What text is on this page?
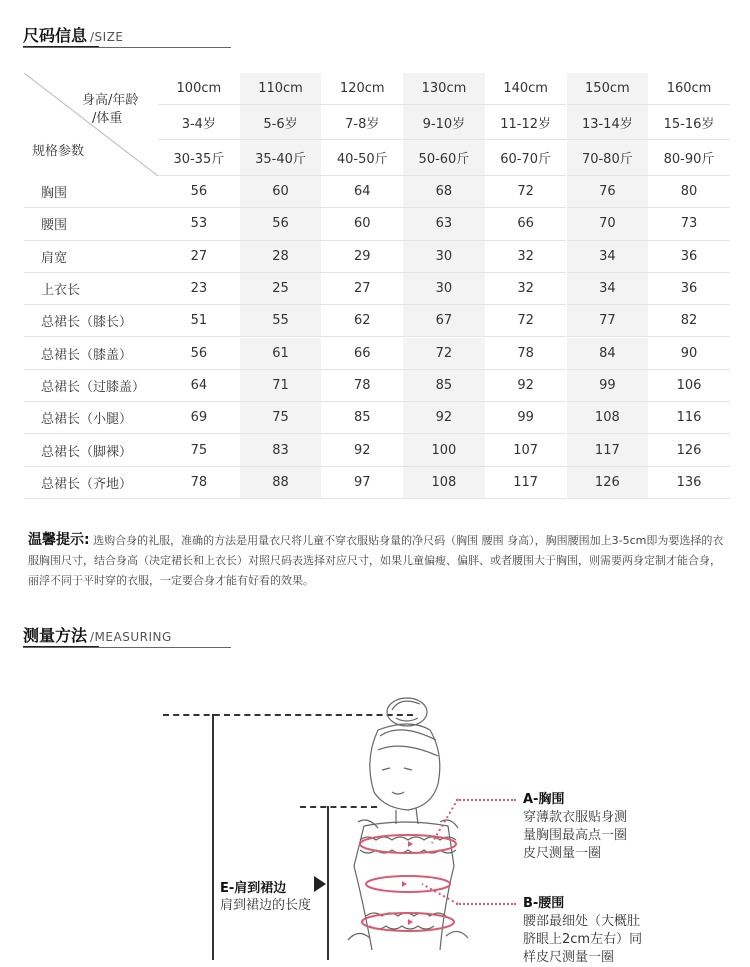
尺码信息 /SIZE
身高/年龄
/体重
规格参数
100cm	110cm	120cm	130cm	140cm	150cm	160cm
3-4岁	5-6岁	7-8岁	9-10岁	11-12岁	13-14岁	15-16岁
30-35斤	35-40斤	40-50斤	50-60斤	60-70斤	70-80斤	80-90斤
胸围	56	60	64	68	72	76	80
腰围	53	56	60	63	66	70	73
肩宽	27	28	29	30	32	34	36
上衣长	23	25	27	30	32	34	36
总裙长（膝长）	51	55	62	67	72	77	82
总裙长（膝盖）	56	61	66	72	78	84	90
总裙长（过膝盖）	64	71	78	85	92	99	106
总裙长（小腿）	69	75	85	92	99	108	116
总裙长（脚裸）	75	83	92	100	107	117	126
总裙长（齐地）	78	88	97	108	117	126	136
温馨提示: 选购合身的礼服，准确的方法是用量衣尺将儿童不穿衣服贴身量的净尺码（胸围 腰围 身高），胸围腰围加上3-5cm即为要选择的衣服胸围尺寸，结合身高（决定裙长和上衣长）对照尺码表选择对应尺寸，如果儿童偏瘦、偏胖、或者腰围大于胸围，则需要两身定制才能合身，丽浮不同于平时穿的衣服，一定要合身才能有好看的效果。
测量方法 /MEASURING
A-胸围
穿薄款衣服贴身测
量胸围最高点一圈
皮尺测量一圈
B-腰围
腰部最细处（大概肚
脐眼上2cm左右）同
样皮尺测量一圈
E-肩到裙边
肩到裙边的长度
